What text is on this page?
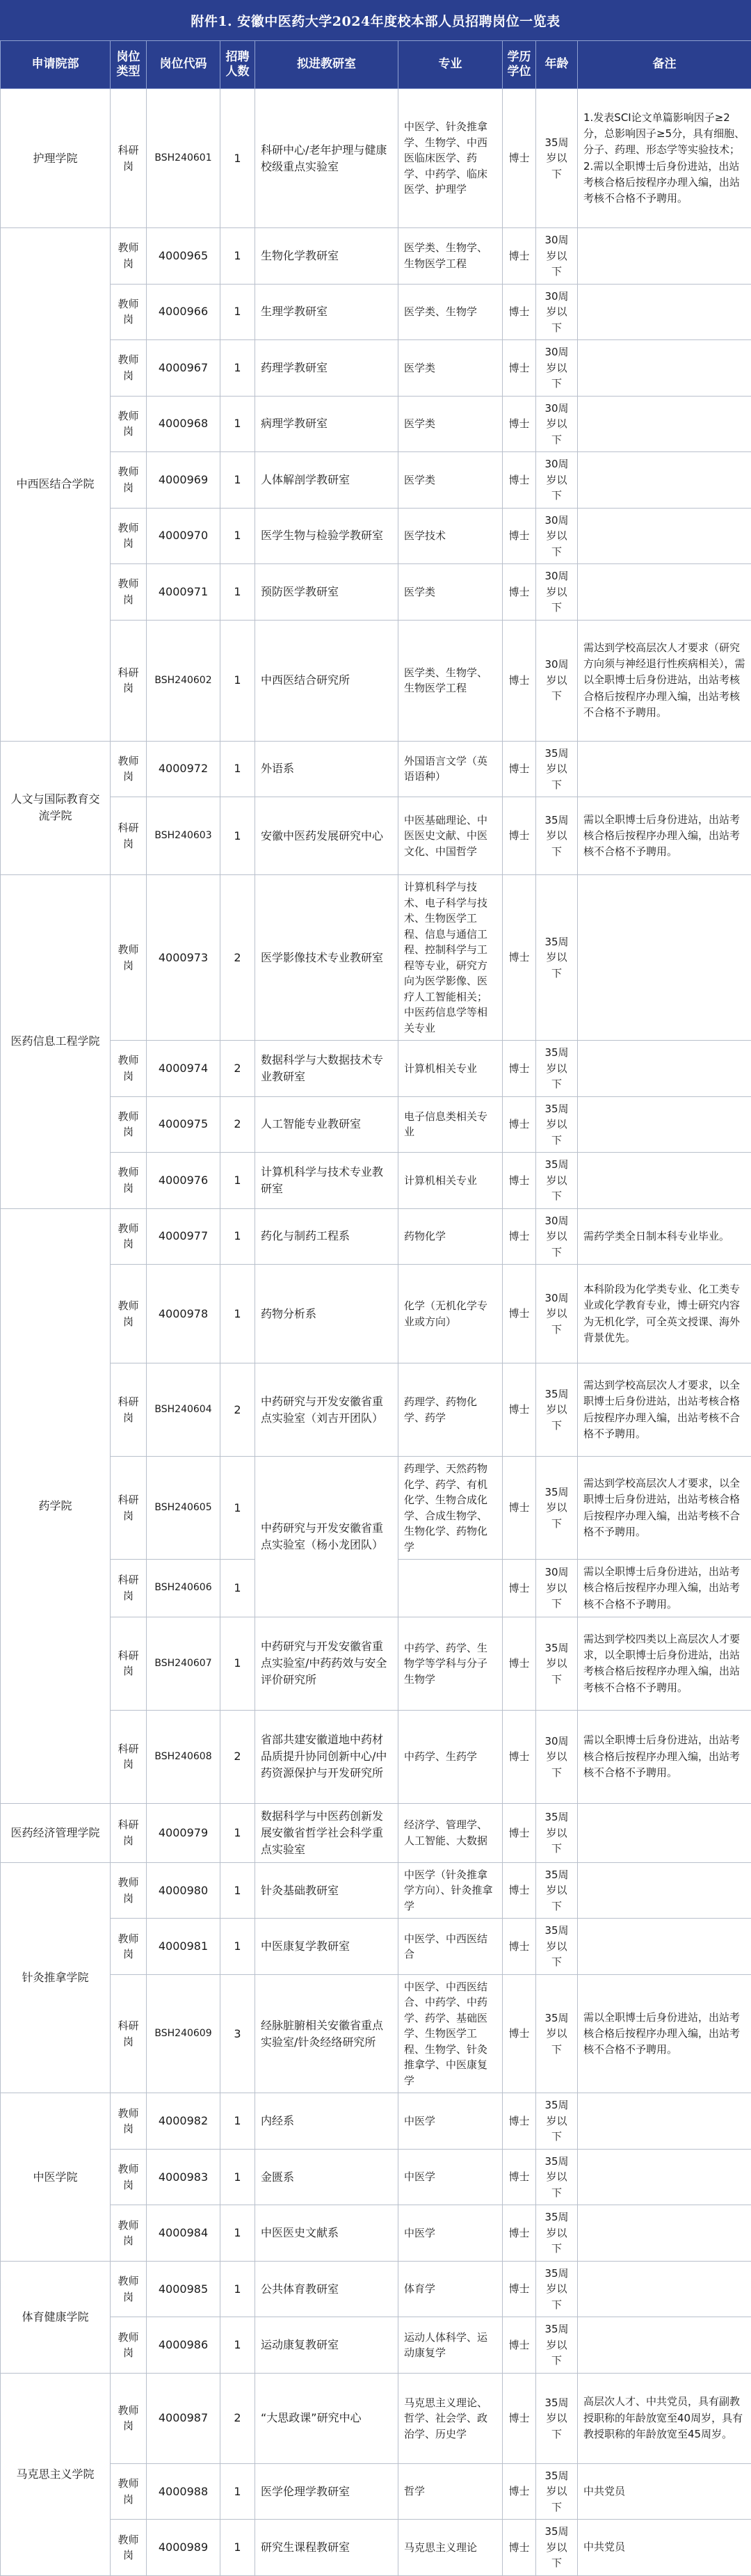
附件1. 安徽中医药大学2024年度校本部人员招聘岗位一览表
申请院部	岗位类型	岗位代码	招聘人数	拟进教研室	专业	学历学位	年龄	备注
护理学院	科研岗	BSH240601	1	科研中心/老年护理与健康校级重点实验室	中医学、针灸推拿学、生物学、中西医临床医学、药学、中药学、临床医学、护理学	博士	35周岁以下	1.发表SCI论文单篇影响因子≥2分，总影响因子≥5分，具有细胞、分子、药理、形态学等实验技术；2.需以全职博士后身份进站，出站考核合格后按程序办理入编，出站考核不合格不予聘用。
中西医结合学院	教师岗	4000965	1	生物化学教研室	医学类、生物学、生物医学工程	博士	30周岁以下	
	教师岗	4000966	1	生理学教研室	医学类、生物学	博士	30周岁以下	
	教师岗	4000967	1	药理学教研室	医学类	博士	30周岁以下	
	教师岗	4000968	1	病理学教研室	医学类	博士	30周岁以下	
	教师岗	4000969	1	人体解剖学教研室	医学类	博士	30周岁以下	
	教师岗	4000970	1	医学生物与检验学教研室	医学技术	博士	30周岁以下	
	教师岗	4000971	1	预防医学教研室	医学类	博士	30周岁以下	
	科研岗	BSH240602	1	中西医结合研究所	医学类、生物学、生物医学工程	博士	30周岁以下	需达到学校高层次人才要求（研究方向须与神经退行性疾病相关），需以全职博士后身份进站，出站考核合格后按程序办理入编，出站考核不合格不予聘用。
人文与国际教育交流学院	教师岗	4000972	1	外语系	外国语言文学（英语语种）	博士	35周岁以下	
	科研岗	BSH240603	1	安徽中医药发展研究中心	中医基础理论、中医医史文献、中医文化、中国哲学	博士	35周岁以下	需以全职博士后身份进站，出站考核合格后按程序办理入编，出站考核不合格不予聘用。
医药信息工程学院	教师岗	4000973	2	医学影像技术专业教研室	计算机科学与技术、电子科学与技术、生物医学工程、信息与通信工程、控制科学与工程等专业，研究方向为医学影像、医疗人工智能相关；中医药信息学等相关专业	博士	35周岁以下	
	教师岗	4000974	2	数据科学与大数据技术专业教研室	计算机相关专业	博士	35周岁以下	
	教师岗	4000975	2	人工智能专业教研室	电子信息类相关专业	博士	35周岁以下	
	教师岗	4000976	1	计算机科学与技术专业教研室	计算机相关专业	博士	35周岁以下	
药学院	教师岗	4000977	1	药化与制药工程系	药物化学	博士	30周岁以下	需药学类全日制本科专业毕业。
	教师岗	4000978	1	药物分析系	化学（无机化学专业或方向）	博士	30周岁以下	本科阶段为化学类专业、化工类专业或化学教育专业，博士研究内容为无机化学，可全英文授课、海外背景优先。
	科研岗	BSH240604	2	中药研究与开发安徽省重点实验室（刘吉开团队）	药理学、药物化学、药学	博士	35周岁以下	需达到学校高层次人才要求，以全职博士后身份进站，出站考核合格后按程序办理入编，出站考核不合格不予聘用。
	科研岗	BSH240605	1	中药研究与开发安徽省重点实验室（杨小龙团队）	药理学、天然药物化学、药学、有机化学、生物合成化学、合成生物学、生物化学、药物化学	博士	35周岁以下	需达到学校高层次人才要求，以全职博士后身份进站，出站考核合格后按程序办理入编，出站考核不合格不予聘用。
	科研岗	BSH240606	1			博士	30周岁以下	需以全职博士后身份进站，出站考核合格后按程序办理入编，出站考核不合格不予聘用。
	科研岗	BSH240607	1	中药研究与开发安徽省重点实验室/中药药效与安全评价研究所	中药学、药学、生物学等学科与分子生物学	博士	35周岁以下	需达到学校四类以上高层次人才要求，以全职博士后身份进站，出站考核合格后按程序办理入编，出站考核不合格不予聘用。
	科研岗	BSH240608	2	省部共建安徽道地中药材品质提升协同创新中心/中药资源保护与开发研究所	中药学、生药学	博士	30周岁以下	需以全职博士后身份进站，出站考核合格后按程序办理入编，出站考核不合格不予聘用。
医药经济管理学院	科研岗	4000979	1	数据科学与中医药创新发展安徽省哲学社会科学重点实验室	经济学、管理学、人工智能、大数据	博士	35周岁以下	
针灸推拿学院	教师岗	4000980	1	针灸基础教研室	中医学（针灸推拿学方向）、针灸推拿学	博士	35周岁以下	
	教师岗	4000981	1	中医康复学教研室	中医学、中西医结合	博士	35周岁以下	
	科研岗	BSH240609	3	经脉脏腑相关安徽省重点实验室/针灸经络研究所	中医学、中西医结合、中药学、中药学、药学、基础医学、生物医学工程、生物学、针灸推拿学、中医康复学	博士	35周岁以下	需以全职博士后身份进站，出站考核合格后按程序办理入编，出站考核不合格不予聘用。
中医学院	教师岗	4000982	1	内经系	中医学	博士	35周岁以下	
	教师岗	4000983	1	金匮系	中医学	博士	35周岁以下	
	教师岗	4000984	1	中医医史文献系	中医学	博士	35周岁以下	
体育健康学院	教师岗	4000985	1	公共体育教研室	体育学	博士	35周岁以下	
	教师岗	4000986	1	运动康复教研室	运动人体科学、运动康复学	博士	35周岁以下	
马克思主义学院	教师岗	4000987	2	“大思政课”研究中心	马克思主义理论、哲学、社会学、政治学、历史学	博士	35周岁以下	高层次人才、中共党员，具有副教授职称的年龄放宽至40周岁，具有教授职称的年龄放宽至45周岁。
	教师岗	4000988	1	医学伦理学教研室	哲学	博士	35周岁以下	中共党员
	教师岗	4000989	1	研究生课程教研室	马克思主义理论	博士	35周岁以下	中共党员
